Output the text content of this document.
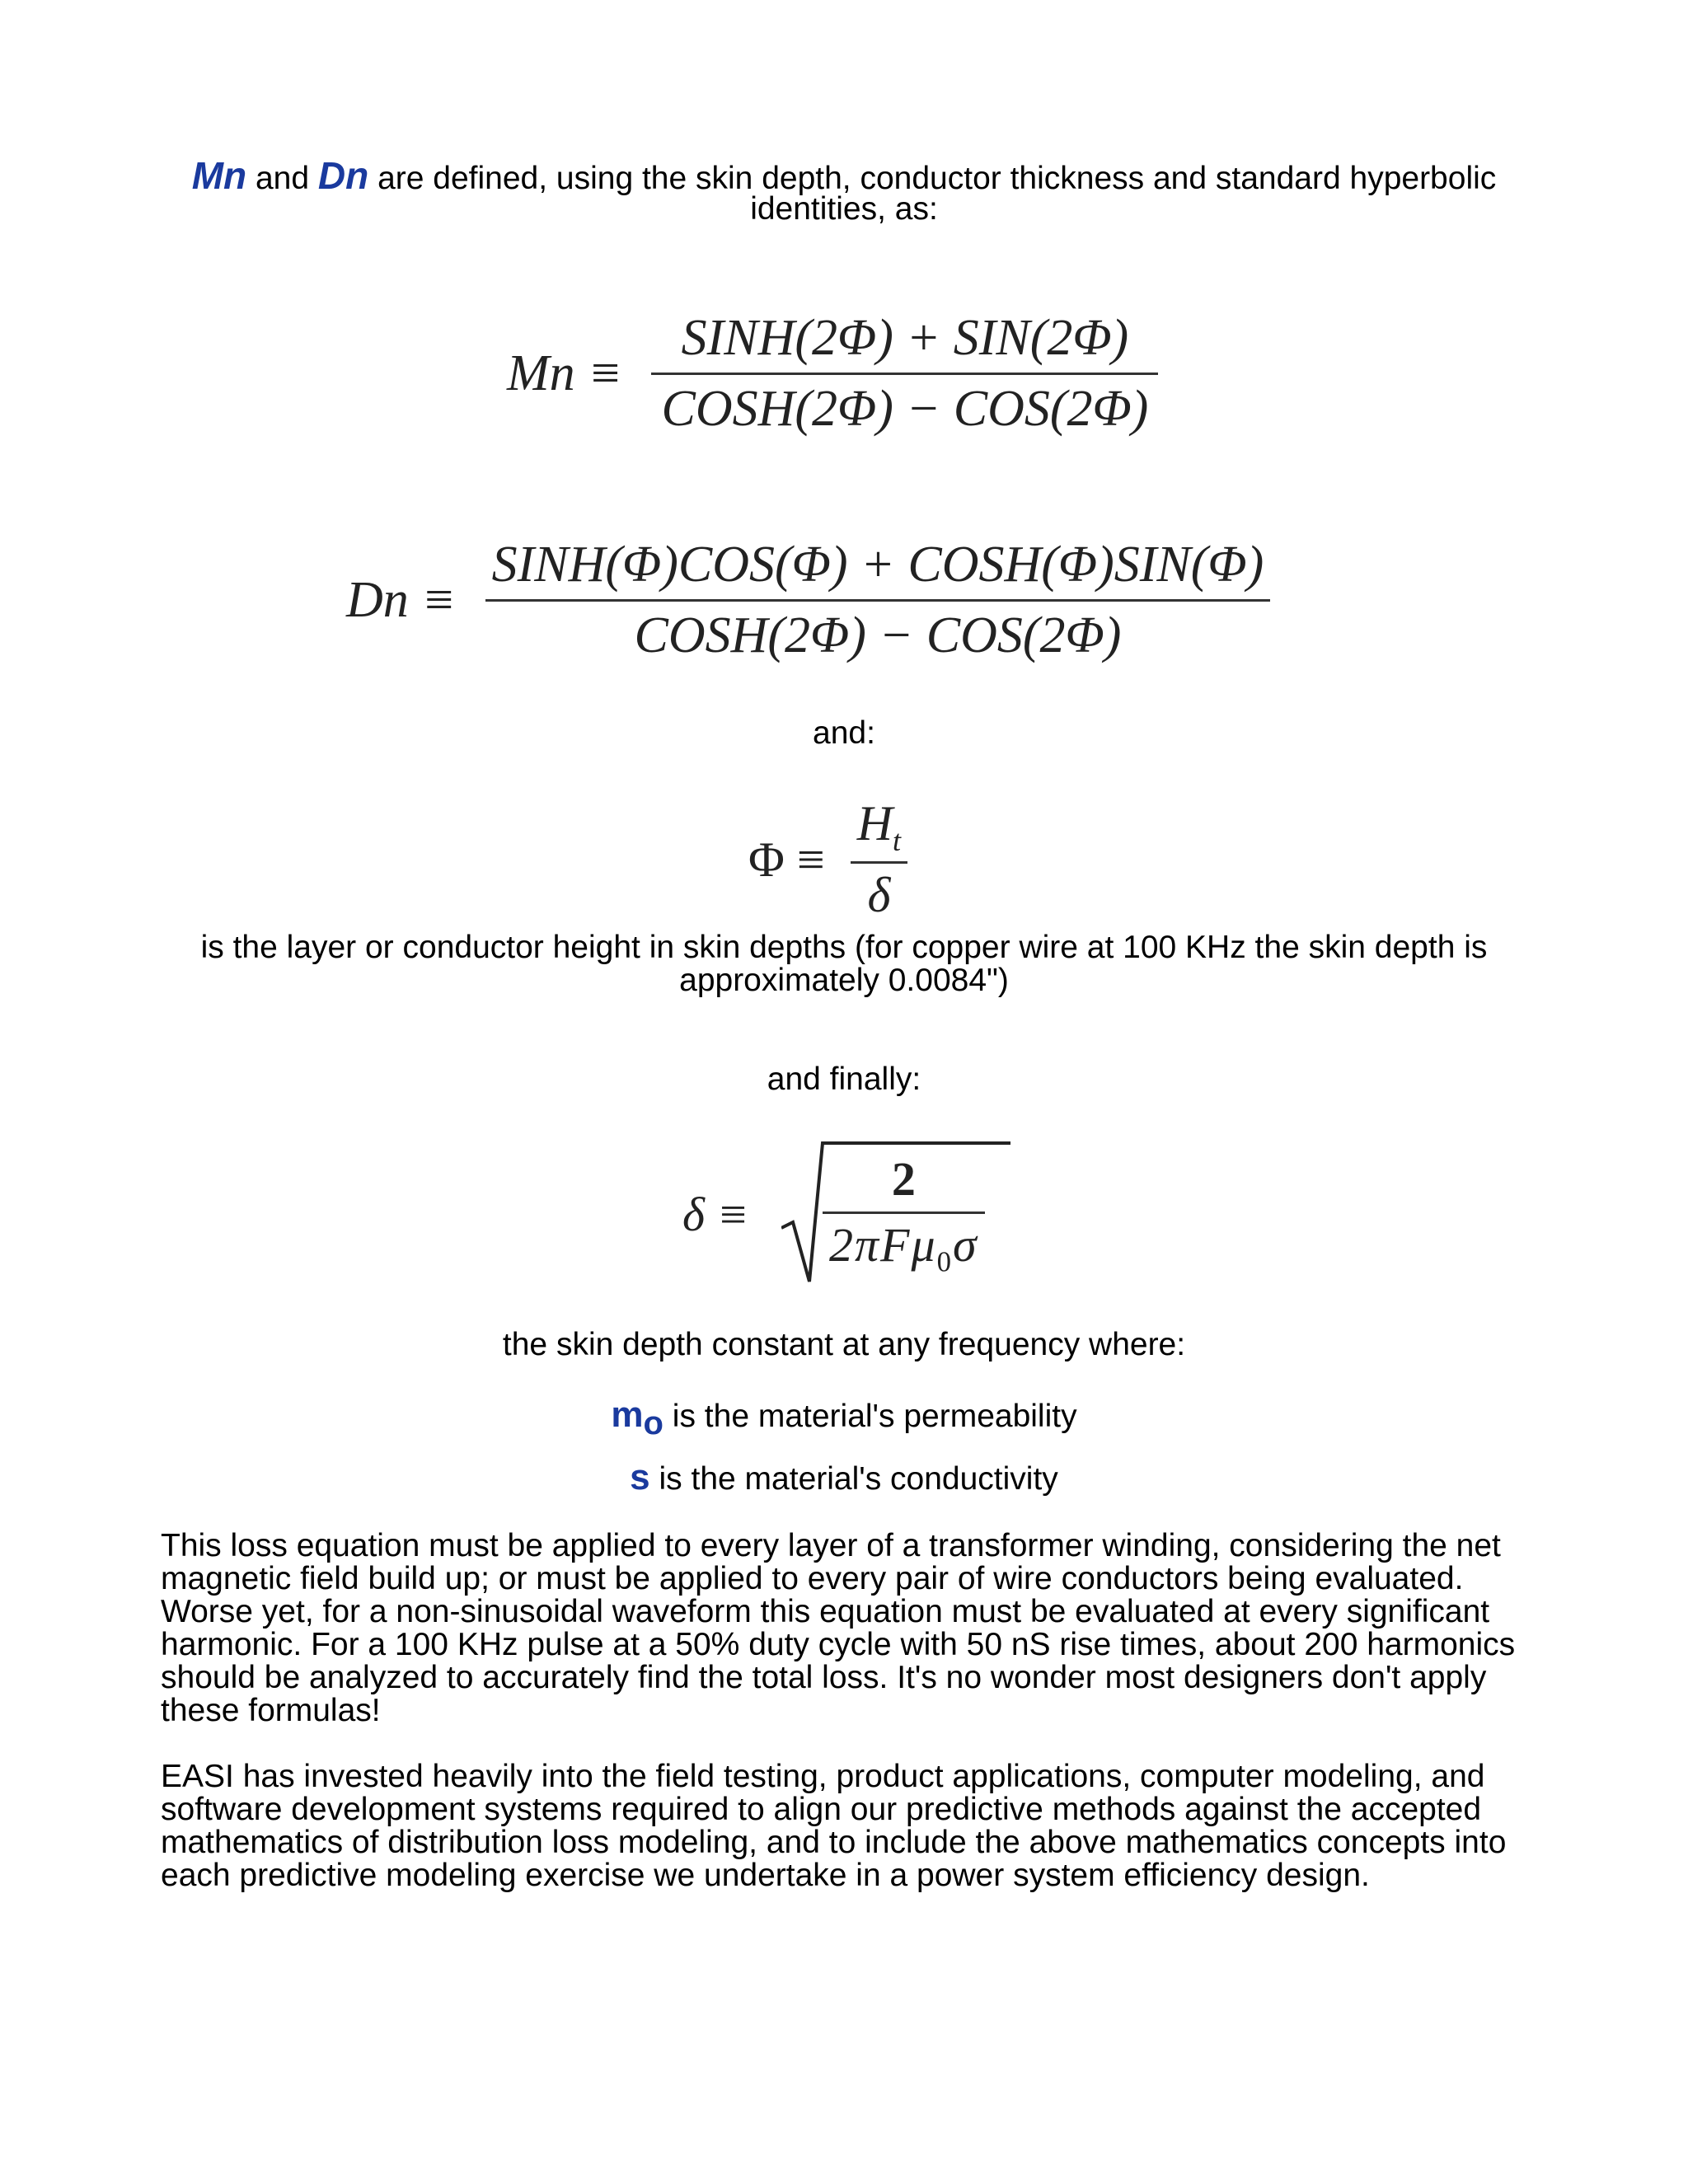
Mn and Dn are defined, using the skin depth, conductor thickness and standard hyperbolic
identities, as:
$Mn \equiv \frac{\text{SINH(2Φ) + SIN(2Φ)}}{\text{COSH(2Φ) − COS(2Φ)}}$
$Dn \equiv \frac{\text{SINH(Φ)COS(Φ) + COSH(Φ)SIN(Φ)}}{\text{COSH(2Φ) − COS(2Φ)}}$
and:
$\Phi \equiv \frac{H_t}{\delta}$
is the layer or conductor height in skin depths (for copper wire at 100 KHz the skin depth is
approximately 0.0084")
and finally:
δ ≡
2
2πFμ$_0$σ
the skin depth constant at any frequency where:
$m_o$ is the material's permeability
s is the material's conductivity
This loss equation must be applied to every layer of a transformer winding, considering the net
magnetic field build up; or must be applied to every pair of wire conductors being evaluated.
Worse yet, for a non-sinusoidal waveform this equation must be evaluated at every significant
harmonic. For a 100 KHz pulse at a 50% duty cycle with 50 nS rise times, about 200 harmonics
should be analyzed to accurately find the total loss. It's no wonder most designers don't apply
these formulas!
EASI has invested heavily into the field testing, product applications, computer modeling, and
software development systems required to align our predictive methods against the accepted
mathematics of distribution loss modeling, and to include the above mathematics concepts into
each predictive modeling exercise we undertake in a power system efficiency design.
